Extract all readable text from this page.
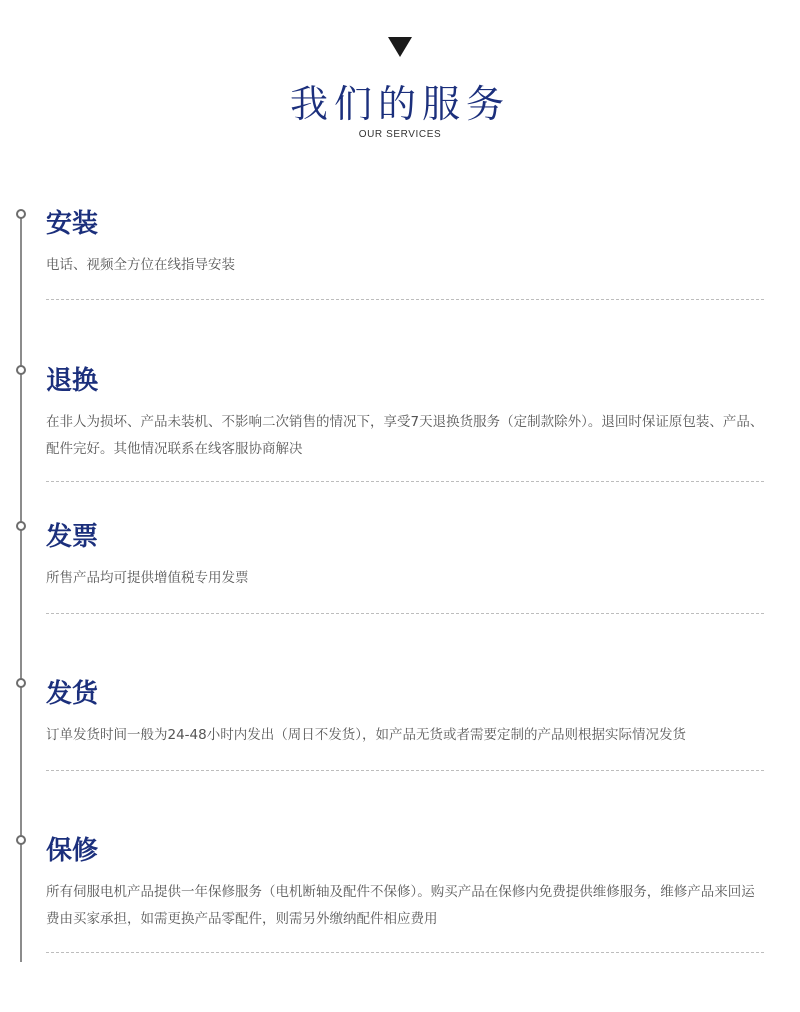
我们的服务
OUR SERVICES
安装
电话、视频全方位在线指导安装
退换
在非人为损坏、产品未装机、不影响二次销售的情况下，享受7天退换货服务（定制款除外）。退回时保证原包装、产品、配件完好。其他情况联系在线客服协商解决
发票
所售产品均可提供增值税专用发票
发货
订单发货时间一般为24-48小时内发出（周日不发货），如产品无货或者需要定制的产品则根据实际情况发货
保修
所有伺服电机产品提供一年保修服务（电机断轴及配件不保修）。购买产品在保修内免费提供维修服务，维修产品来回运费由买家承担，如需更换产品零配件，则需另外缴纳配件相应费用
